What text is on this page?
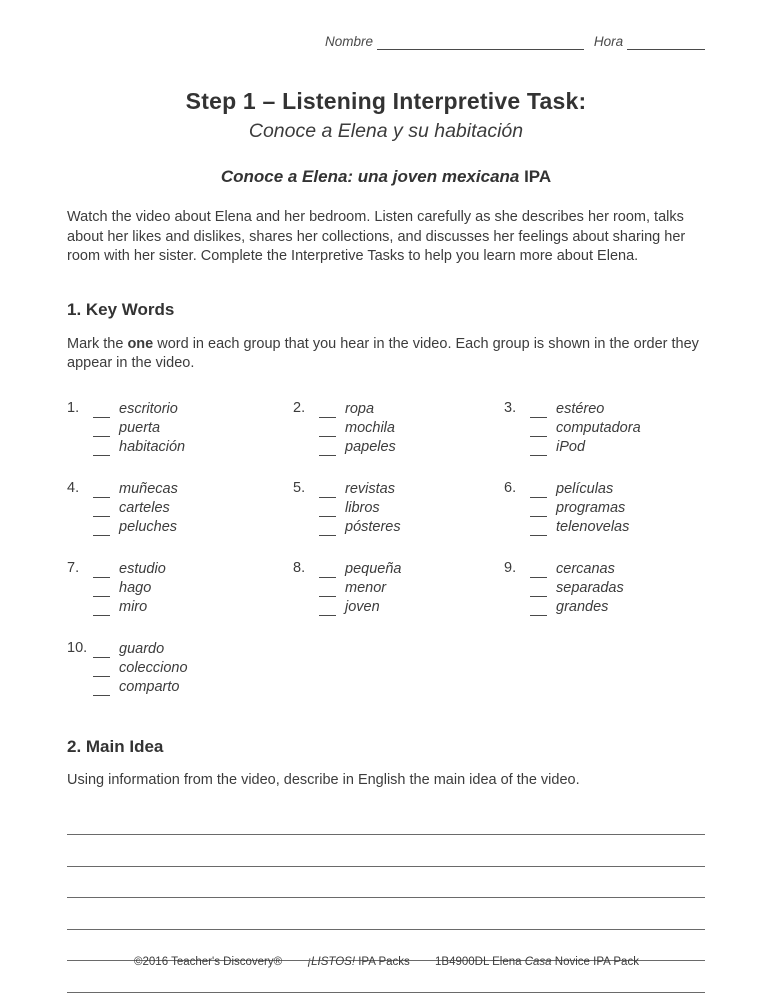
Nombre	Hora
Step 1 – Listening Interpretive Task:
Conoce a Elena y su habitación
Conoce a Elena: una joven mexicana IPA
Watch the video about Elena and her bedroom. Listen carefully as she describes her room, talks about her likes and dislikes, shares her collections, and discusses her feelings about sharing her room with her sister. Complete the Interpretive Tasks to help you learn more about Elena.
1. Key Words
Mark the one word in each group that you hear in the video. Each group is shown in the order they appear in the video.
1.	escritorio
puerta
habitación
2.	ropa
mochila
papeles
3.	estéreo
computadora
iPod
4.	muñecas
carteles
peluches
5.	revistas
libros
pósteres
6.	películas
programas
telenovelas
7.	estudio
hago
miro
8.	pequeña
menor
joven
9.	cercanas
separadas
grandes
10.	guardo
colecciono
comparto
2. Main Idea
Using information from the video, describe in English the main idea of the video.
©2016 Teacher's Discovery® ¡LISTOS! IPA Packs 1B4900DL Elena Casa Novice IPA Pack
